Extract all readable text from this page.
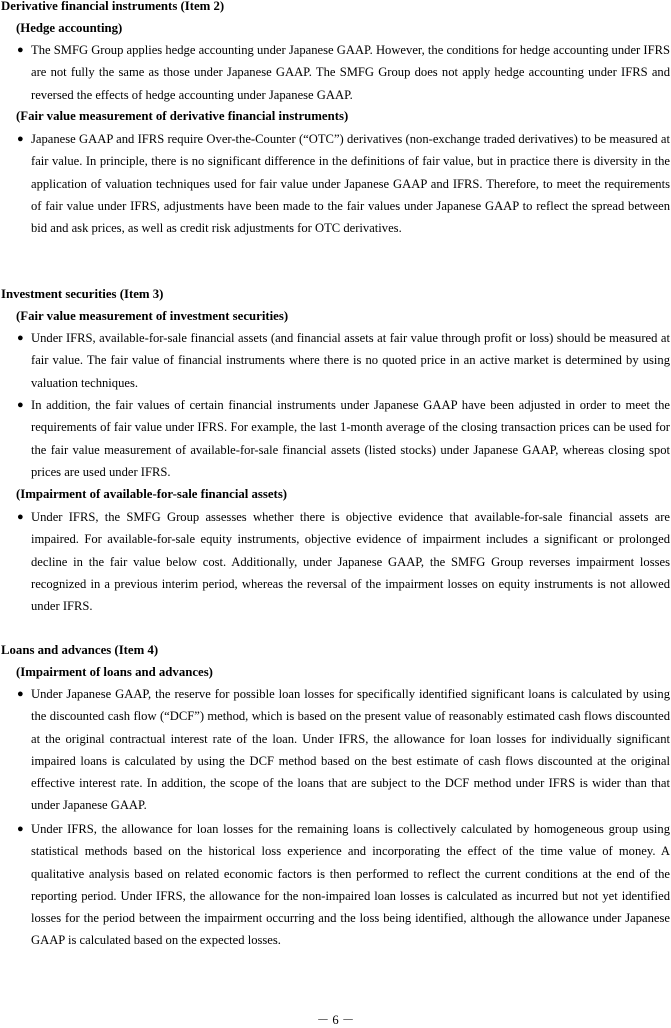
Derivative financial instruments (Item 2)
(Hedge accounting)
● The SMFG Group applies hedge accounting under Japanese GAAP. However, the conditions for hedge accounting under IFRS are not fully the same as those under Japanese GAAP. The SMFG Group does not apply hedge accounting under IFRS and reversed the effects of hedge accounting under Japanese GAAP.
(Fair value measurement of derivative financial instruments)
● Japanese GAAP and IFRS require Over-the-Counter (“OTC”) derivatives (non-exchange traded derivatives) to be measured at fair value. In principle, there is no significant difference in the definitions of fair value, but in practice there is diversity in the application of valuation techniques used for fair value under Japanese GAAP and IFRS. Therefore, to meet the requirements of fair value under IFRS, adjustments have been made to the fair values under Japanese GAAP to reflect the spread between bid and ask prices, as well as credit risk adjustments for OTC derivatives.
Investment securities (Item 3)
(Fair value measurement of investment securities)
● Under IFRS, available-for-sale financial assets (and financial assets at fair value through profit or loss) should be measured at fair value. The fair value of financial instruments where there is no quoted price in an active market is determined by using valuation techniques.
● In addition, the fair values of certain financial instruments under Japanese GAAP have been adjusted in order to meet the requirements of fair value under IFRS. For example, the last 1-month average of the closing transaction prices can be used for the fair value measurement of available-for-sale financial assets (listed stocks) under Japanese GAAP, whereas closing spot prices are used under IFRS.
(Impairment of available-for-sale financial assets)
● Under IFRS, the SMFG Group assesses whether there is objective evidence that available-for-sale financial assets are impaired. For available-for-sale equity instruments, objective evidence of impairment includes a significant or prolonged decline in the fair value below cost. Additionally, under Japanese GAAP, the SMFG Group reverses impairment losses recognized in a previous interim period, whereas the reversal of the impairment losses on equity instruments is not allowed under IFRS.
Loans and advances (Item 4)
(Impairment of loans and advances)
● Under Japanese GAAP, the reserve for possible loan losses for specifically identified significant loans is calculated by using the discounted cash flow (“DCF”) method, which is based on the present value of reasonably estimated cash flows discounted at the original contractual interest rate of the loan. Under IFRS, the allowance for loan losses for individually significant impaired loans is calculated by using the DCF method based on the best estimate of cash flows discounted at the original effective interest rate. In addition, the scope of the loans that are subject to the DCF method under IFRS is wider than that under Japanese GAAP.
● Under IFRS, the allowance for loan losses for the remaining loans is collectively calculated by homogeneous group using statistical methods based on the historical loss experience and incorporating the effect of the time value of money. A qualitative analysis based on related economic factors is then performed to reflect the current conditions at the end of the reporting period. Under IFRS, the allowance for the non-impaired loan losses is calculated as incurred but not yet identified losses for the period between the impairment occurring and the loss being identified, although the allowance under Japanese GAAP is calculated based on the expected losses.
－ 6 －
